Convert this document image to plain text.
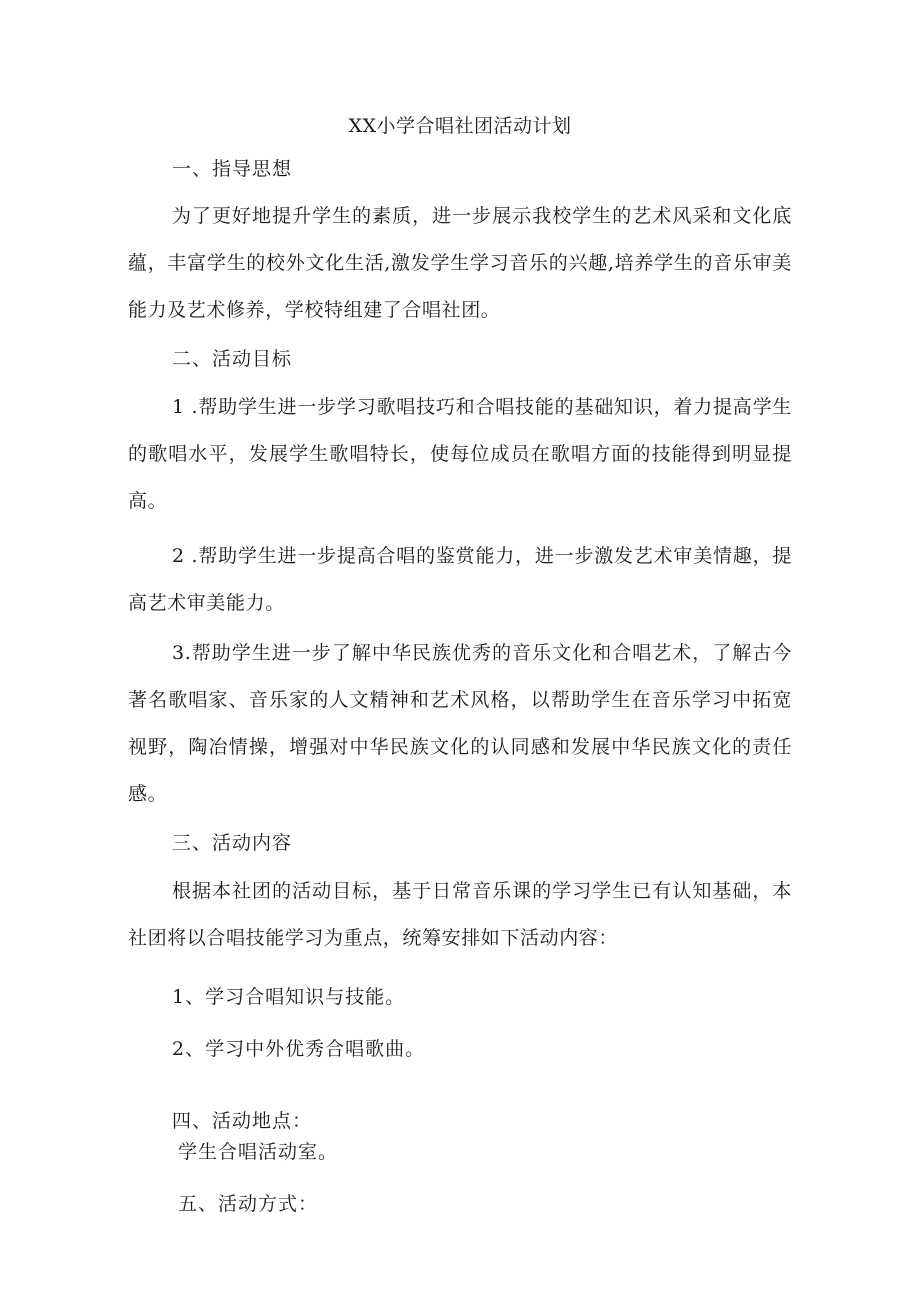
XX小学合唱社团活动计划
一、指导思想
为了更好地提升学生的素质，进一步展示我校学生的艺术风采和文化底蕴，丰富学生的校外文化生活,激发学生学习音乐的兴趣,培养学生的音乐审美能力及艺术修养，学校特组建了合唱社团。
二、活动目标
1 .帮助学生进一步学习歌唱技巧和合唱技能的基础知识，着力提高学生的歌唱水平，发展学生歌唱特长，使每位成员在歌唱方面的技能得到明显提高。
2 .帮助学生进一步提高合唱的鉴赏能力，进一步激发艺术审美情趣，提高艺术审美能力。
3.帮助学生进一步了解中华民族优秀的音乐文化和合唱艺术，了解古今著名歌唱家、音乐家的人文精神和艺术风格，以帮助学生在音乐学习中拓宽视野，陶冶情操，增强对中华民族文化的认同感和发展中华民族文化的责任感。
三、活动内容
根据本社团的活动目标，基于日常音乐课的学习学生已有认知基础，本社团将以合唱技能学习为重点，统筹安排如下活动内容：
1、学习合唱知识与技能。
2、学习中外优秀合唱歌曲。
四、活动地点：
学生合唱活动室。
五、活动方式：
